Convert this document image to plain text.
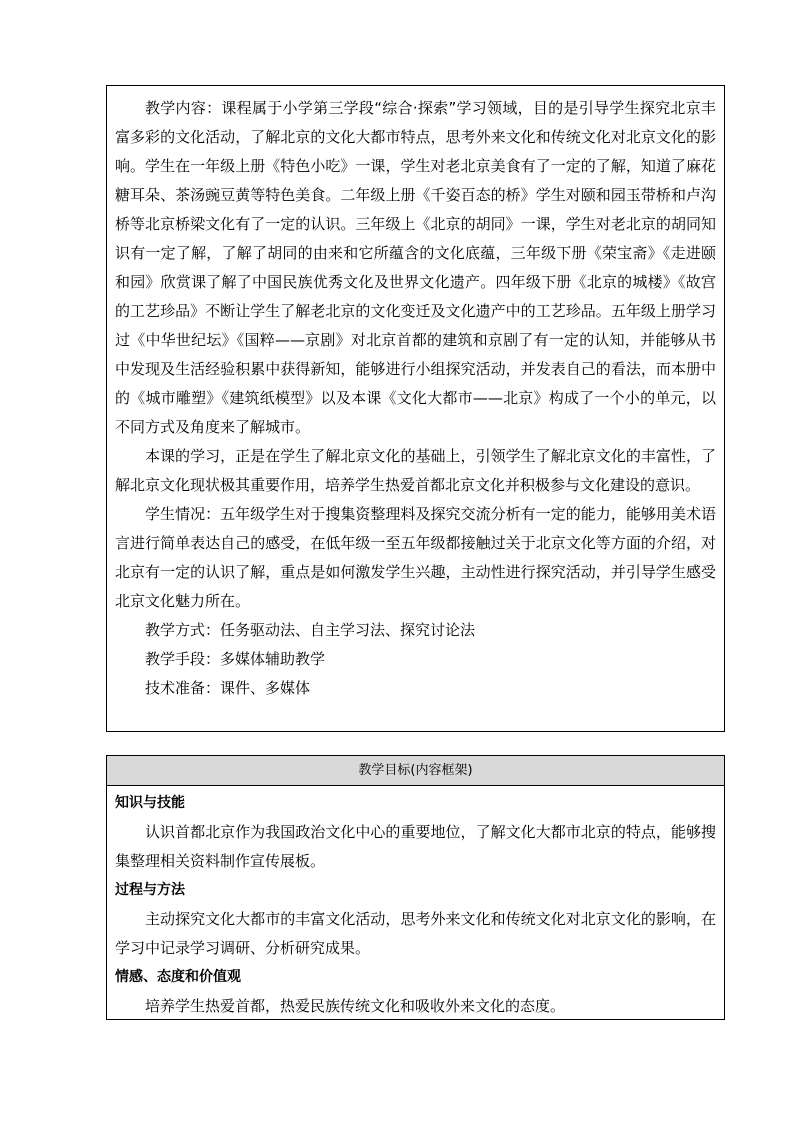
教学内容：课程属于小学第三学段“综合·探索”学习领域，目的是引导学生探究北京丰富多彩的文化活动，了解北京的文化大都市特点，思考外来文化和传统文化对北京文化的影响。学生在一年级上册《特色小吃》一课，学生对老北京美食有了一定的了解，知道了麻花糖耳朵、茶汤豌豆黄等特色美食。二年级上册《千姿百态的桥》学生对颐和园玉带桥和卢沟桥等北京桥梁文化有了一定的认识。三年级上《北京的胡同》一课，学生对老北京的胡同知识有一定了解，了解了胡同的由来和它所蕴含的文化底蕴，三年级下册《荣宝斋》《走进颐和园》欣赏课了解了中国民族优秀文化及世界文化遗产。四年级下册《北京的城楼》《故宫的工艺珍品》不断让学生了解老北京的文化变迁及文化遗产中的工艺珍品。五年级上册学习过《中华世纪坛》《国粹——京剧》对北京首都的建筑和京剧了有一定的认知，并能够从书中发现及生活经验积累中获得新知，能够进行小组探究活动，并发表自己的看法，而本册中的《城市雕塑》《建筑纸模型》以及本课《文化大都市——北京》构成了一个小的单元，以不同方式及角度来了解城市。

本课的学习，正是在学生了解北京文化的基础上，引领学生了解北京文化的丰富性，了解北京文化现状极其重要作用，培养学生热爱首都北京文化并积极参与文化建设的意识。

学生情况：五年级学生对于搜集资整理料及探究交流分析有一定的能力，能够用美术语言进行简单表达自己的感受，在低年级一至五年级都接触过关于北京文化等方面的介绍，对北京有一定的认识了解，重点是如何激发学生兴趣，主动性进行探究活动，并引导学生感受北京文化魅力所在。

教学方式：任务驱动法、自主学习法、探究讨论法

教学手段：多媒体辅助教学

技术准备：课件、多媒体

教学目标(内容框架)
知识与技能

认识首都北京作为我国政治文化中心的重要地位，了解文化大都市北京的特点，能够搜集整理相关资料制作宣传展板。

过程与方法

主动探究文化大都市的丰富文化活动，思考外来文化和传统文化对北京文化的影响，在学习中记录学习调研、分析研究成果。

情感、态度和价值观

培养学生热爱首都，热爱民族传统文化和吸收外来文化的态度。
